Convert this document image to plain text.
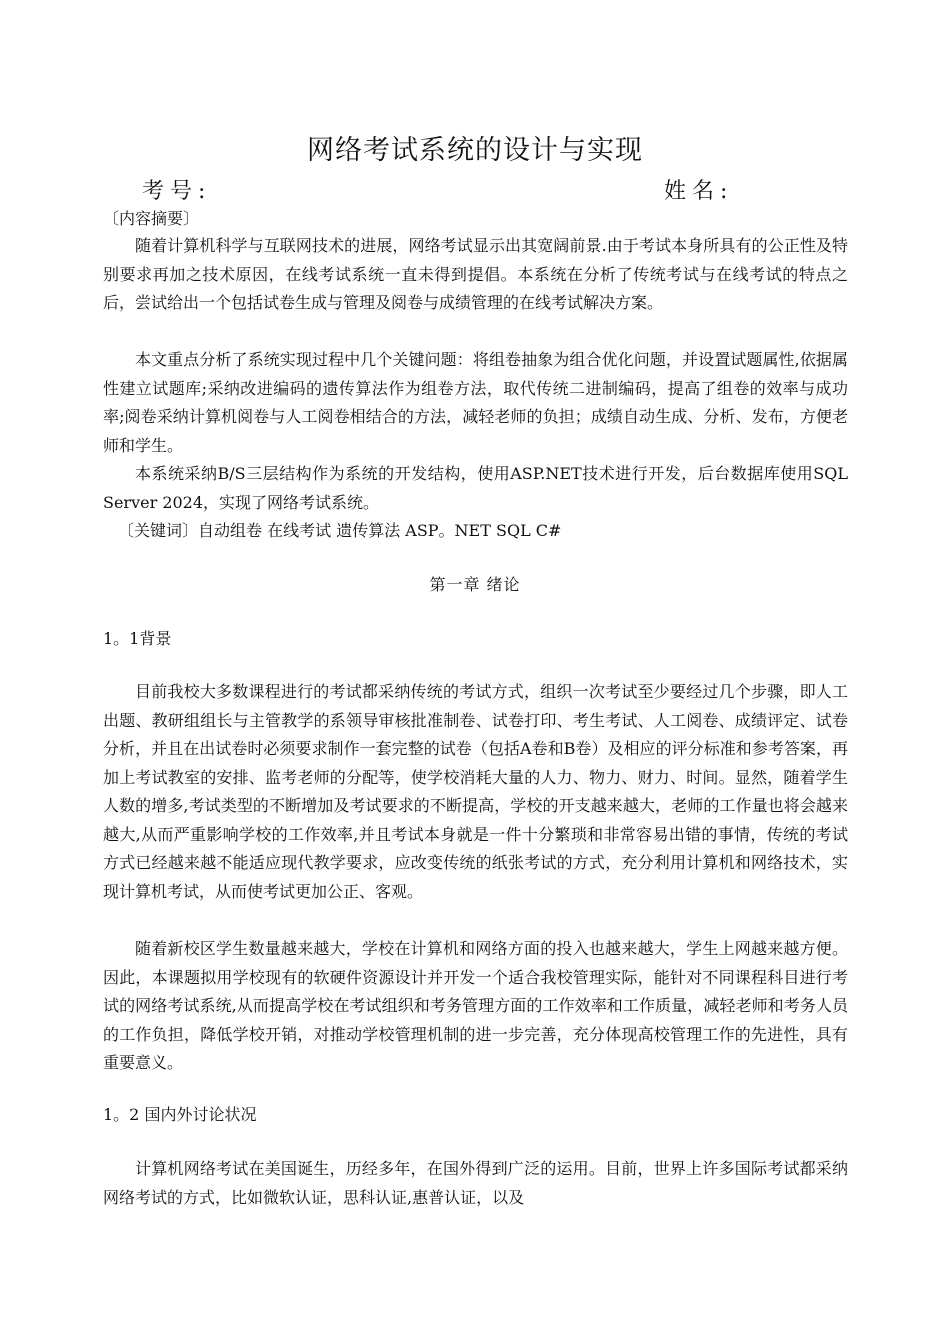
网络考试系统的设计与实现
考号:	姓名:
〔内容摘要〕

随着计算机科学与互联网技术的进展，网络考试显示出其宽阔前景.由于考试本身所具有的公正性及特别要求再加之技术原因，在线考试系统一直未得到提倡。本系统在分析了传统考试与在线考试的特点之后，尝试给出一个包括试卷生成与管理及阅卷与成绩管理的在线考试解决方案。

本文重点分析了系统实现过程中几个关键问题：将组卷抽象为组合优化问题，并设置试题属性,依据属性建立试题库;采纳改进编码的遗传算法作为组卷方法，取代传统二进制编码，提高了组卷的效率与成功率;阅卷采纳计算机阅卷与人工阅卷相结合的方法，减轻老师的负担；成绩自动生成、分析、发布，方便老师和学生。

本系统采纳B/S三层结构作为系统的开发结构，使用ASP.NET技术进行开发，后台数据库使用SQL Server 2024，实现了网络考试系统。

〔关键词〕自动组卷 在线考试 遗传算法 ASP。NET SQL C#
第一章 绪论
1。1背景

目前我校大多数课程进行的考试都采纳传统的考试方式，组织一次考试至少要经过几个步骤，即人工出题、教研组组长与主管教学的系领导审核批准制卷、试卷打印、考生考试、人工阅卷、成绩评定、试卷分析，并且在出试卷时必须要求制作一套完整的试卷（包括A卷和B卷）及相应的评分标准和参考答案，再加上考试教室的安排、监考老师的分配等，使学校消耗大量的人力、物力、财力、时间。显然，随着学生人数的增多,考试类型的不断增加及考试要求的不断提高，学校的开支越来越大，老师的工作量也将会越来越大,从而严重影响学校的工作效率,并且考试本身就是一件十分繁琐和非常容易出错的事情，传统的考试方式已经越来越不能适应现代教学要求，应改变传统的纸张考试的方式，充分利用计算机和网络技术，实现计算机考试，从而使考试更加公正、客观。

随着新校区学生数量越来越大，学校在计算机和网络方面的投入也越来越大，学生上网越来越方便。因此，本课题拟用学校现有的软硬件资源设计并开发一个适合我校管理实际，能针对不同课程科目进行考试的网络考试系统,从而提高学校在考试组织和考务管理方面的工作效率和工作质量，减轻老师和考务人员的工作负担，降低学校开销，对推动学校管理机制的进一步完善，充分体现高校管理工作的先进性，具有重要意义。

1。2 国内外讨论状况

计算机网络考试在美国诞生，历经多年，在国外得到广泛的运用。目前，世界上许多国际考试都采纳网络考试的方式，比如微软认证，思科认证,惠普认证，以及
